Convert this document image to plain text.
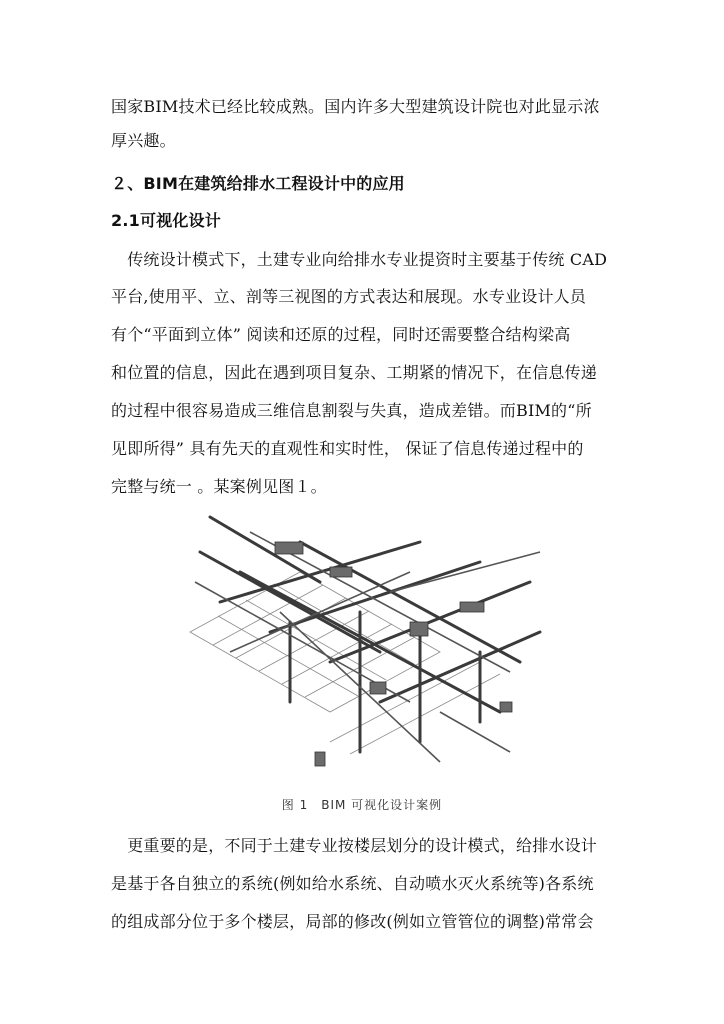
国家BIM技术已经比较成熟。国内许多大型建筑设计院也对此显示浓
厚兴趣。
２、BIM在建筑给排水工程设计中的应用
2.1可视化设计
　传统设计模式下，土建专业向给排水专业提资时主要基于传统 CAD
平台,使用平、立、剖等三视图的方式表达和展现。水专业设计人员
有个“平面到立体” 阅读和还原的过程，同时还需要整合结构梁高
和位置的信息，因此在遇到项目复杂、工期紧的情况下，在信息传递
的过程中很容易造成三维信息割裂与失真，造成差错。而BIM的“所
见即所得” 具有先天的直观性和实时性， 保证了信息传递过程中的
完整与统一 。某案例见图１。
图 1　BIM 可视化设计案例
　更重要的是，不同于土建专业按楼层划分的设计模式，给排水设计
是基于各自独立的系统(例如给水系统、自动喷水灭火系统等)各系统
的组成部分位于多个楼层，局部的修改(例如立管管位的调整)常常会
